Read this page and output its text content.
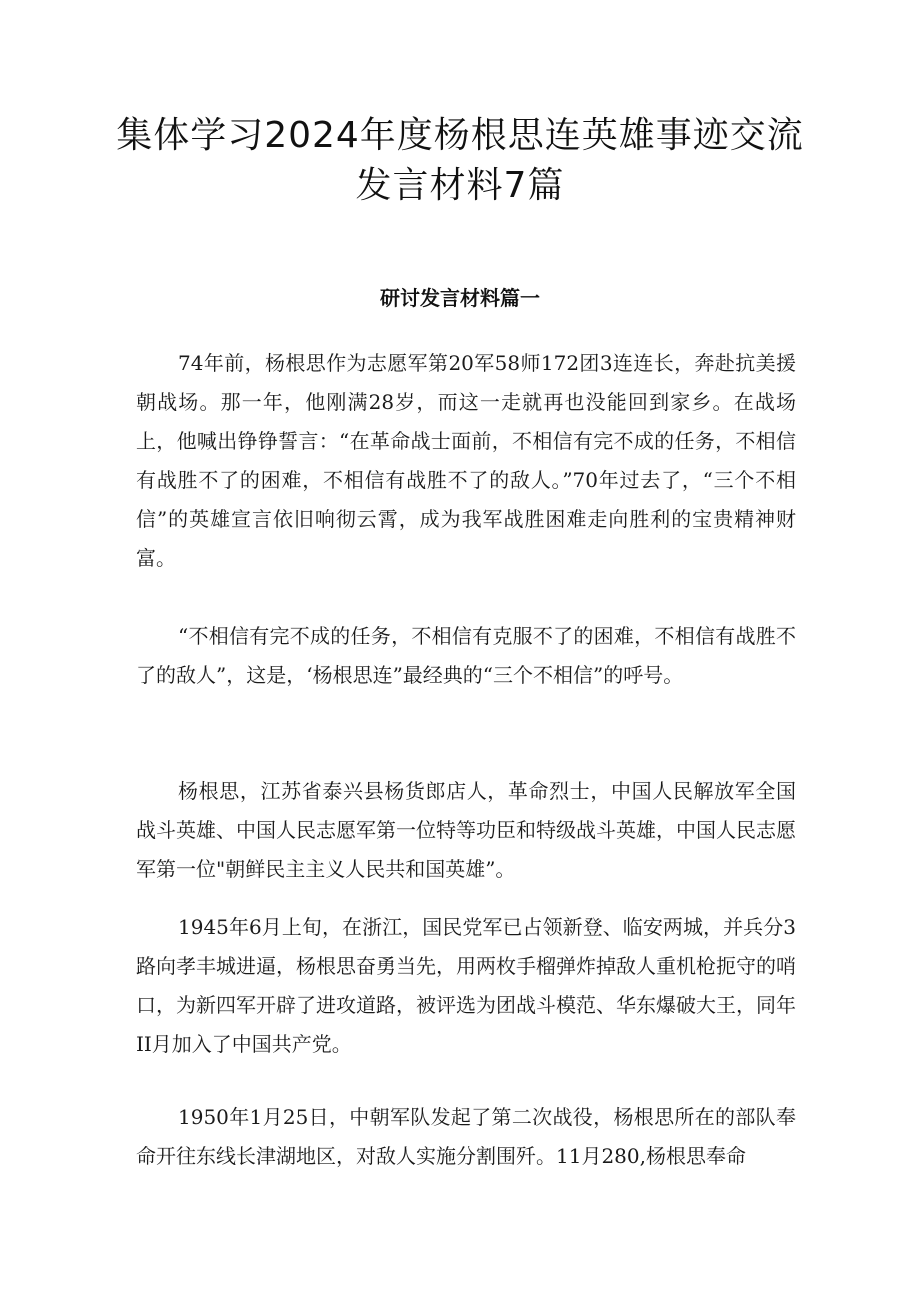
集体学习2024年度杨根思连英雄事迹交流
发言材料7篇
研讨发言材料篇一

74年前，杨根思作为志愿军第20军58师172团3连连长，奔赴抗美援朝战场。那一年，他刚满28岁，而这一走就再也没能回到家乡。在战场上，他喊出铮铮誓言：“在革命战士面前，不相信有完不成的任务，不相信有战胜不了的困难，不相信有战胜不了的敌人。”70年过去了，“三个不相信”的英雄宣言依旧响彻云霄，成为我军战胜困难走向胜利的宝贵精神财富。

“不相信有完不成的任务，不相信有克服不了的困难，不相信有战胜不了的敌人”，这是，‘杨根思连”最经典的“三个不相信”的呼号。

杨根思，江苏省泰兴县杨货郎店人，革命烈士，中国人民解放军全国战斗英雄、中国人民志愿军第一位特等功臣和特级战斗英雄，中国人民志愿军第一位"朝鲜民主主义人民共和国英雄”。

1945年6月上旬，在浙江，国民党军已占领新登、临安两城，并兵分3路向孝丰城进逼，杨根思奋勇当先，用两枚手榴弹炸掉敌人重机枪扼守的哨口，为新四军开辟了进攻道路，被评选为团战斗模范、华东爆破大王，同年II月加入了中国共产党。

1950年1月25日，中朝军队发起了第二次战役，杨根思所在的部队奉命开往东线长津湖地区，对敌人实施分割围歼。11月280,杨根思奉命
